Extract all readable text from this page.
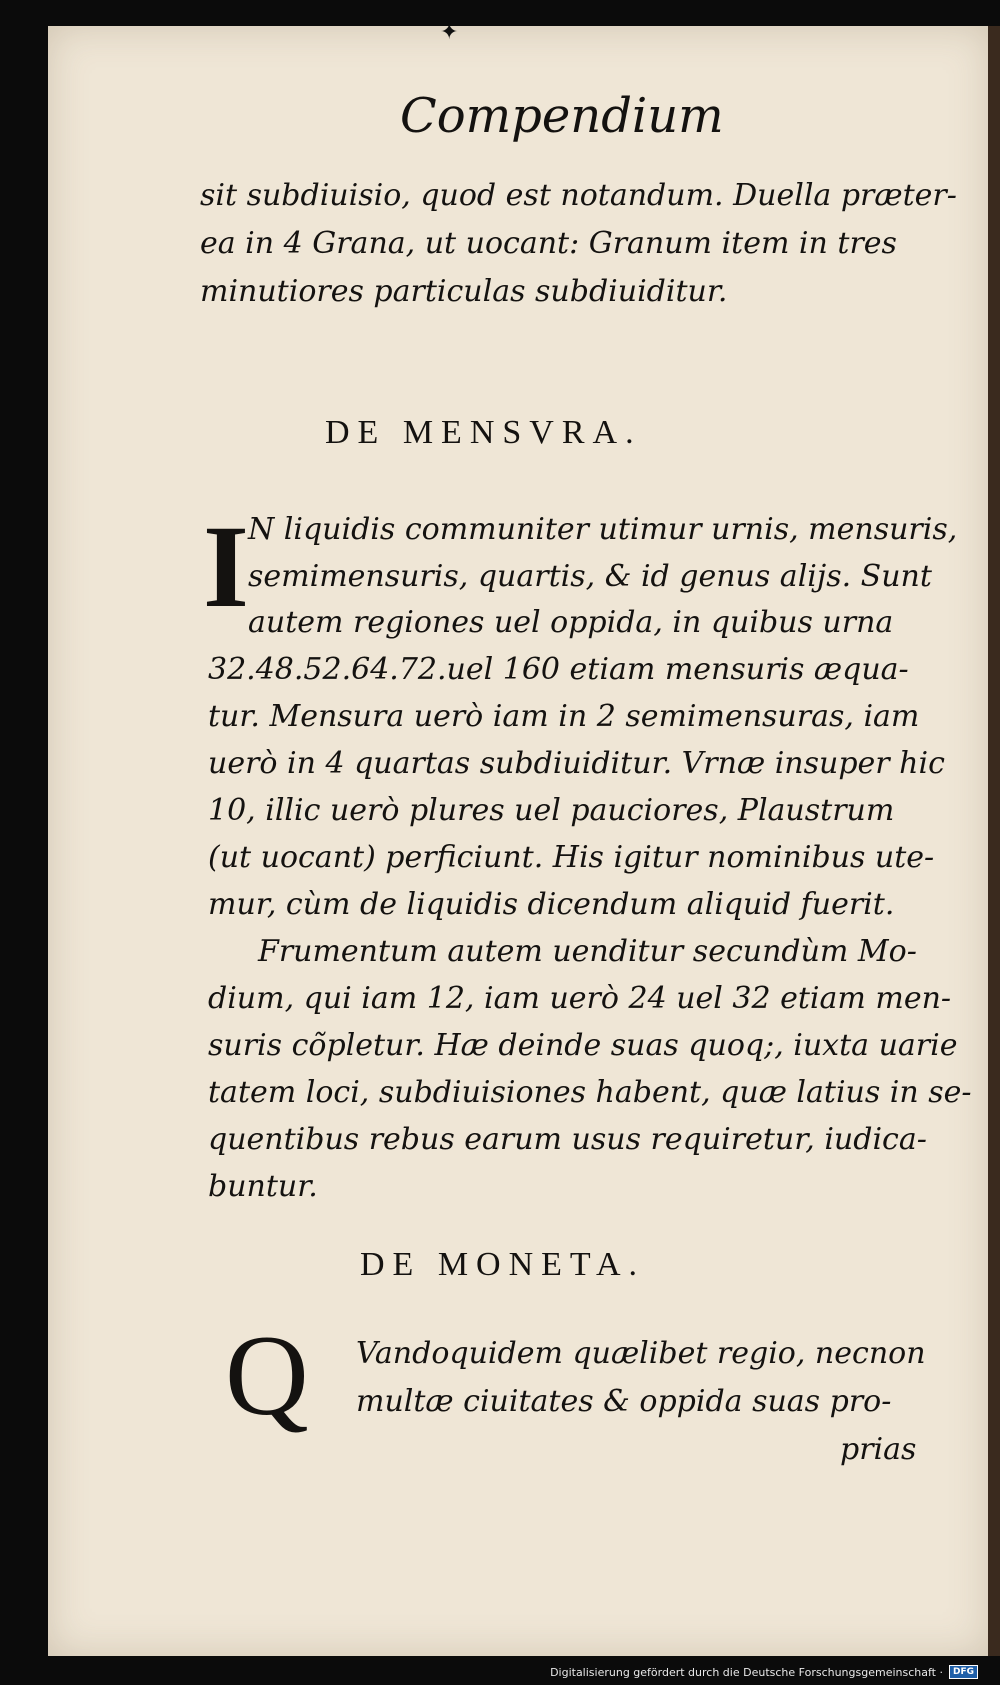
✦
Compendium
sit subdiuisio, quod est notandum. Duella præter-
ea in 4 Grana, ut uocant: Granum item in tres
minutiores particulas subdiuiditur.
DE MENSVRA.
I N liquidis communiter utimur urnis, mensuris,
semimensuris, quartis, & id genus alijs. Sunt
autem regiones uel oppida, in quibus urna
32.48.52.64.72.uel 160 etiam mensuris æqua-
tur. Mensura uerò iam in 2 semimensuras, iam
uerò in 4 quartas subdiuiditur. Vrnæ insuper hic
10, illic uerò plures uel pauciores, Plaustrum
(ut uocant) perficiunt. His igitur nominibus ute-
mur, cùm de liquidis dicendum aliquid fuerit.
Frumentum autem uenditur secundùm Mo-
dium, qui iam 12, iam uerò 24 uel 32 etiam men-
suris cõpletur. Hæ deinde suas quoq;, iuxta uarie
tatem loci, subdiuisiones habent, quæ latius in se-
quentibus rebus earum usus requiretur, iudica-
buntur.
DE MONETA.
Q Vandoquidem quælibet regio, necnon
multæ ciuitates & oppida suas pro-
prias
Digitalisierung gefördert durch die Deutsche Forschungsgemeinschaft ·	DFG
